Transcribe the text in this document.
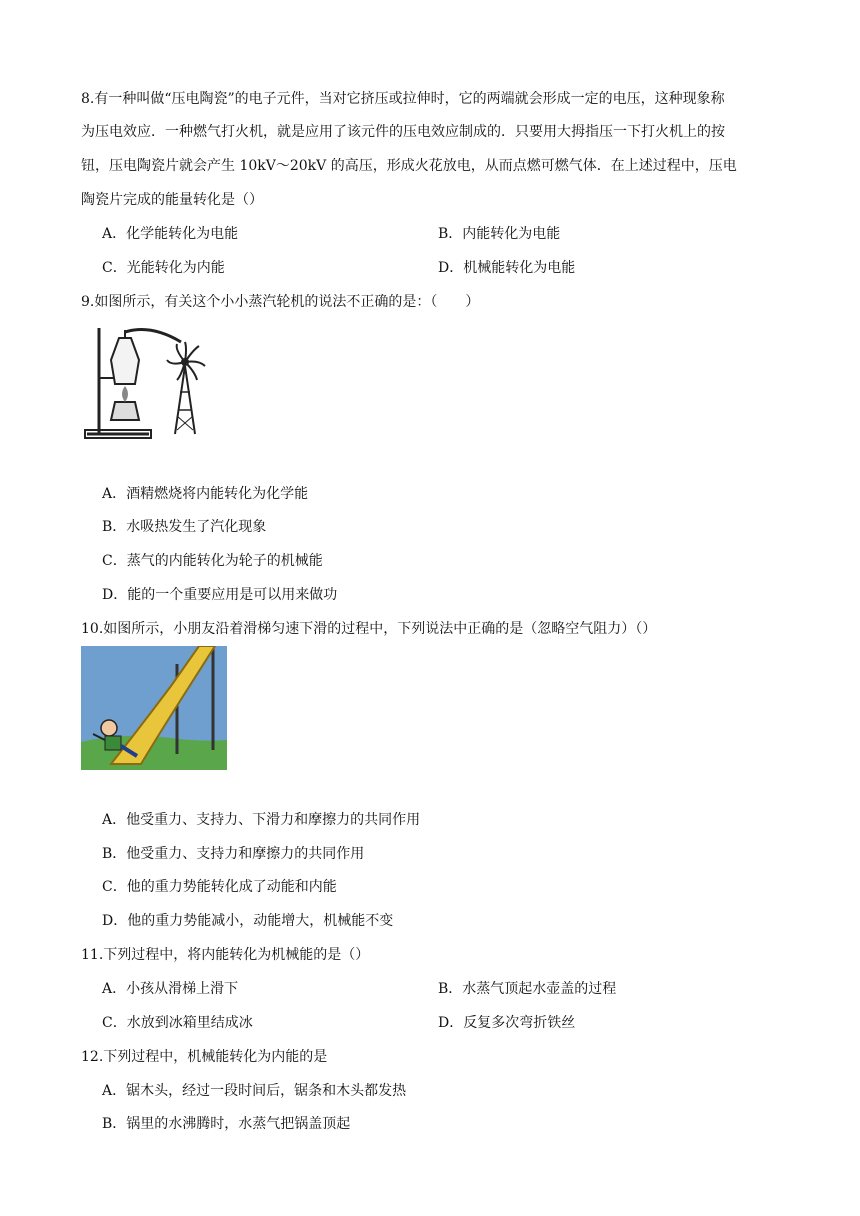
8.有一种叫做“压电陶瓷”的电子元件，当对它挤压或拉伸时，它的两端就会形成一定的电压，这种现象称
为压电效应．一种燃气打火机，就是应用了该元件的压电效应制成的．只要用大拇指压一下打火机上的按
钮，压电陶瓷片就会产生 10kV～20kV 的高压，形成火花放电，从而点燃可燃气体．在上述过程中，压电
陶瓷片完成的能量转化是（）
A．化学能转化为电能	B．内能转化为电能
C．光能转化为内能	D．机械能转化为电能
9.如图所示，有关这个小小蒸汽轮机的说法不正确的是：（　　）
A．酒精燃烧将内能转化为化学能
B．水吸热发生了汽化现象
C．蒸气的内能转化为轮子的机械能
D．能的一个重要应用是可以用来做功
10.如图所示，小朋友沿着滑梯匀速下滑的过程中，下列说法中正确的是（忽略空气阻力）（）
A．他受重力、支持力、下滑力和摩擦力的共同作用
B．他受重力、支持力和摩擦力的共同作用
C．他的重力势能转化成了动能和内能
D．他的重力势能减小，动能增大，机械能不变
11.下列过程中，将内能转化为机械能的是（）
A．小孩从滑梯上滑下	B．水蒸气顶起水壶盖的过程
C．水放到冰箱里结成冰	D．反复多次弯折铁丝
12.下列过程中，机械能转化为内能的是
A．锯木头，经过一段时间后，锯条和木头都发热
B．锅里的水沸腾时，水蒸气把锅盖顶起
